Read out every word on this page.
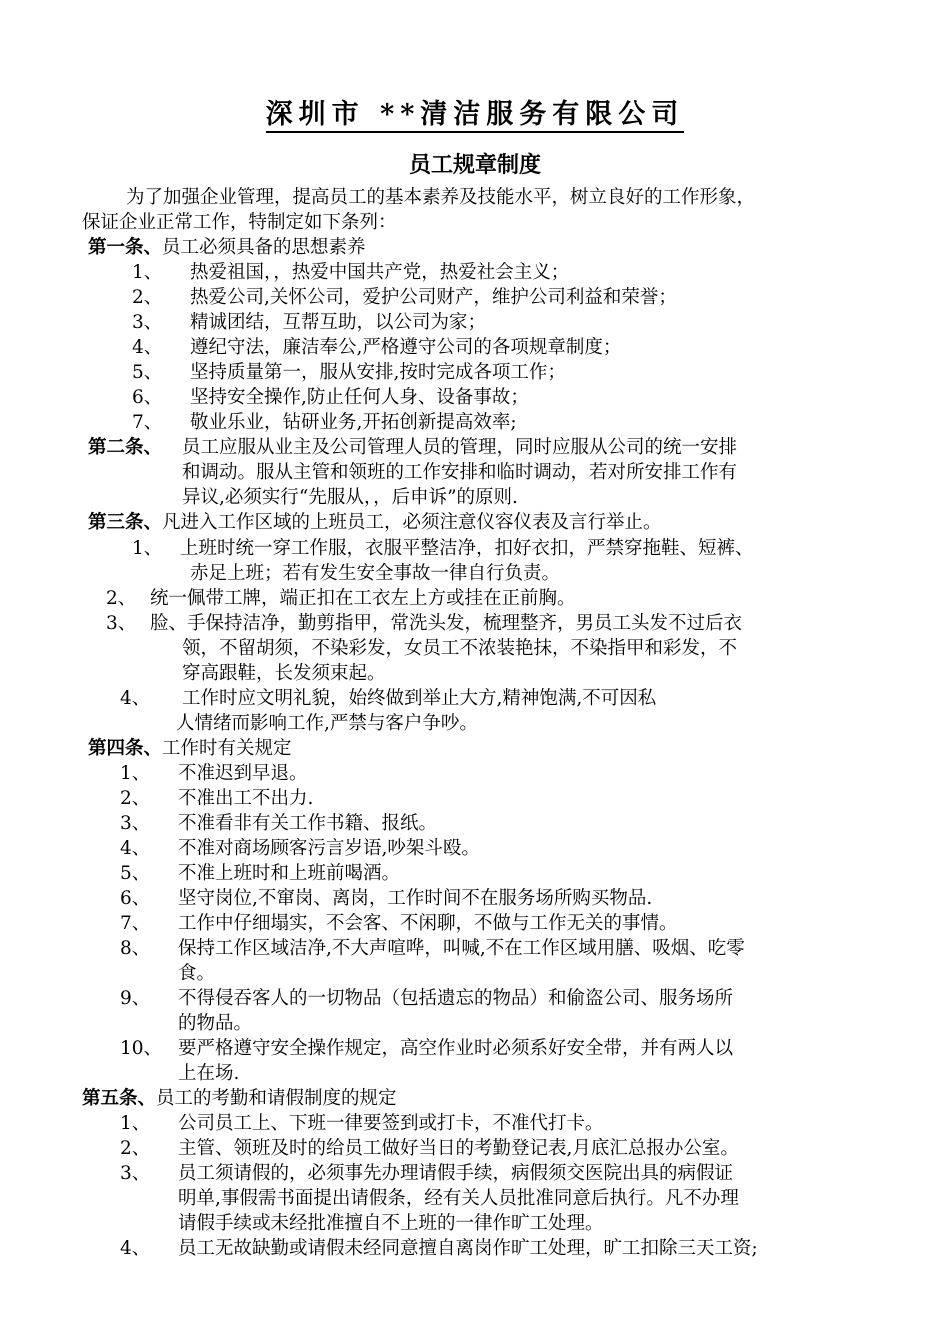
深圳市 **清洁服务有限公司
员工规章制度
为了加强企业管理，提高员工的基本素养及技能水平，树立良好的工作形象，
保证企业正常工作，特制定如下条列：
第一条、员工必须具备的思想素养
1、 热爱祖国，，热爱中国共产党，热爱社会主义；
2、 热爱公司,关怀公司，爱护公司财产，维护公司利益和荣誉；
3、 精诚团结，互帮互助，以公司为家；
4、 遵纪守法，廉洁奉公,严格遵守公司的各项规章制度；
5、 坚持质量第一，服从安排,按时完成各项工作；
6、 坚持安全操作,防止任何人身、设备事故；
7、 敬业乐业，钻研业务,开拓创新提高效率;
第二条、 员工应服从业主及公司管理人员的管理，同时应服从公司的统一安排
和调动。服从主管和领班的工作安排和临时调动，若对所安排工作有
异议,必须实行“先服从，，后申诉”的原则.
第三条、凡进入工作区域的上班员工，必须注意仪容仪表及言行举止。
1、 上班时统一穿工作服，衣服平整洁净，扣好衣扣，严禁穿拖鞋、短裤、
赤足上班；若有发生安全事故一律自行负责。
2、 统一佩带工牌，端正扣在工衣左上方或挂在正前胸。
3、 脸、手保持洁净，勤剪指甲，常洗头发，梳理整齐，男员工头发不过后衣
领，不留胡须，不染彩发，女员工不浓装艳抹，不染指甲和彩发，不
穿高跟鞋，长发须束起。
4、 工作时应文明礼貌，始终做到举止大方,精神饱满,不可因私
人情绪而影响工作,严禁与客户争吵。
第四条、工作时有关规定
1、 不准迟到早退。
2、 不准出工不出力.
3、 不准看非有关工作书籍、报纸。
4、 不准对商场顾客污言岁语,吵架斗殴。
5、 不准上班时和上班前喝酒。
6、 坚守岗位,不窜岗、离岗，工作时间不在服务场所购买物品.
7、 工作中仔细塌实，不会客、不闲聊，不做与工作无关的事情。
8、 保持工作区域洁净,不大声喧哗，叫喊,不在工作区域用膳、吸烟、吃零
食。
9、 不得侵吞客人的一切物品（包括遗忘的物品）和偷盗公司、服务场所
的物品。
10、 要严格遵守安全操作规定，高空作业时必须系好安全带，并有两人以
上在场.
第五条、员工的考勤和请假制度的规定
1、 公司员工上、下班一律要签到或打卡，不准代打卡。
2、 主管、领班及时的给员工做好当日的考勤登记表,月底汇总报办公室。
3、 员工须请假的，必须事先办理请假手续，病假须交医院出具的病假证
明单,事假需书面提出请假条，经有关人员批准同意后执行。凡不办理
请假手续或未经批准擅自不上班的一律作旷工处理。
4、 员工无故缺勤或请假未经同意擅自离岗作旷工处理，旷工扣除三天工资;
